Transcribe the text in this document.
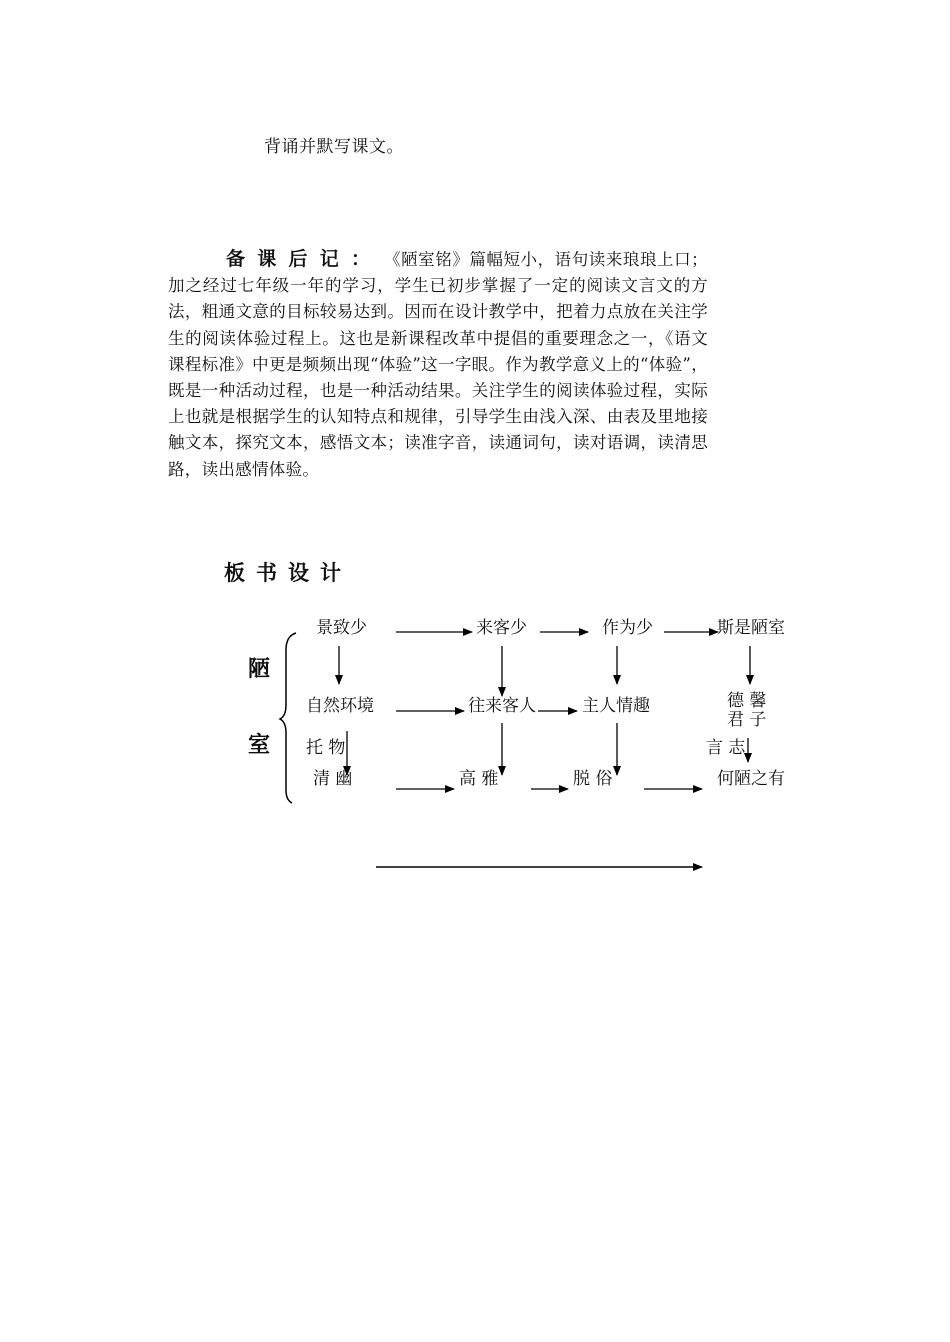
背诵并默写课文。
备课后记： 《陋室铭》篇幅短小，语句读来琅琅上口；加之经过七年级一年的学习，学生已初步掌握了一定的阅读文言文的方法，粗通文意的目标较易达到。因而在设计教学中，把着力点放在关注学生的阅读体验过程上。这也是新课程改革中提倡的重要理念之一，《语文课程标准》中更是频频出现“体验”这一字眼。作为教学意义上的“体验”，既是一种活动过程，也是一种活动结果。关注学生的阅读体验过程，实际上也就是根据学生的认知特点和规律，引导学生由浅入深、由表及里地接触文本，探究文本，感悟文本；读准字音，读通词句，读对语调，读清思路，读出感情体验。
板书设计
陋
室
景致少	来客少	作为少	斯是陋室
自然环境	往来客人	主人情趣	德 馨
君 子
托 物	言 志
清 幽	高 雅	脱 俗	何陋之有
